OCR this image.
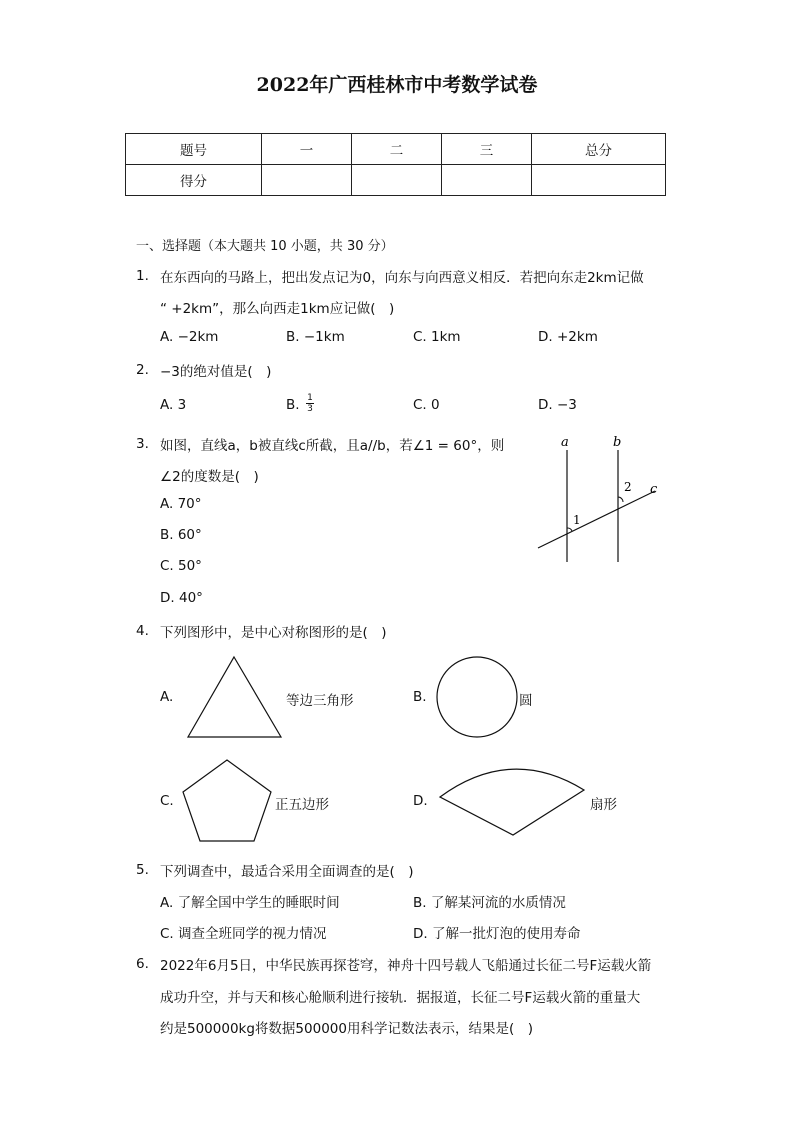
2022年广西桂林市中考数学试卷
题号	一	二	三	总分
得分				
一、选择题（本大题共 10 小题，共 30 分）
1. 在东西向的马路上，把出发点记为0，向东与向西意义相反．若把向东走2km记做
“ +2km”，那么向西走1km应记做(　)
A. −2km	B. −1km	C. 1km	D. +2km
2. −3的绝对值是(　)
A. 3	B. $\frac{1}{3}$	C. 0	D. −3
3. 如图，直线a，b被直线c所截，且a//b，若∠1 = 60°，则
∠2的度数是(　)
A. 70°
B. 60°
C. 50°
D. 40°
a	b
c
1
2
4. 下列图形中，是中心对称图形的是(　)
A.	等边三角形	B.	圆
C.	正五边形	D.	扇形
5. 下列调查中，最适合采用全面调查的是(　)
A. 了解全国中学生的睡眠时间	B. 了解某河流的水质情况
C. 调查全班同学的视力情况	D. 了解一批灯泡的使用寿命
6. 2022年6月5日，中华民族再探苍穹，神舟十四号载人飞船通过长征二号F运载火箭
成功升空，并与天和核心舱顺利进行接轨．据报道，长征二号F运载火箭的重量大
约是500000kg将数据500000用科学记数法表示，结果是(　)
